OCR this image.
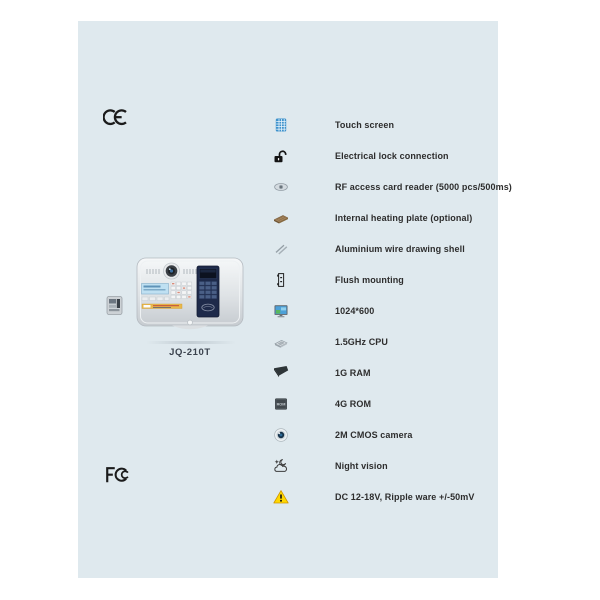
JQ-210T
Touch screen
Electrical lock connection
RF access card reader (5000 pcs/500ms)
Internal heating plate (optional)
Aluminium wire drawing shell
Flush mounting
1024*600
1.5GHz CPU
1G RAM
ROM	4G ROM
2M CMOS camera
Night vision
DC 12-18V, Ripple ware +/-50mV
